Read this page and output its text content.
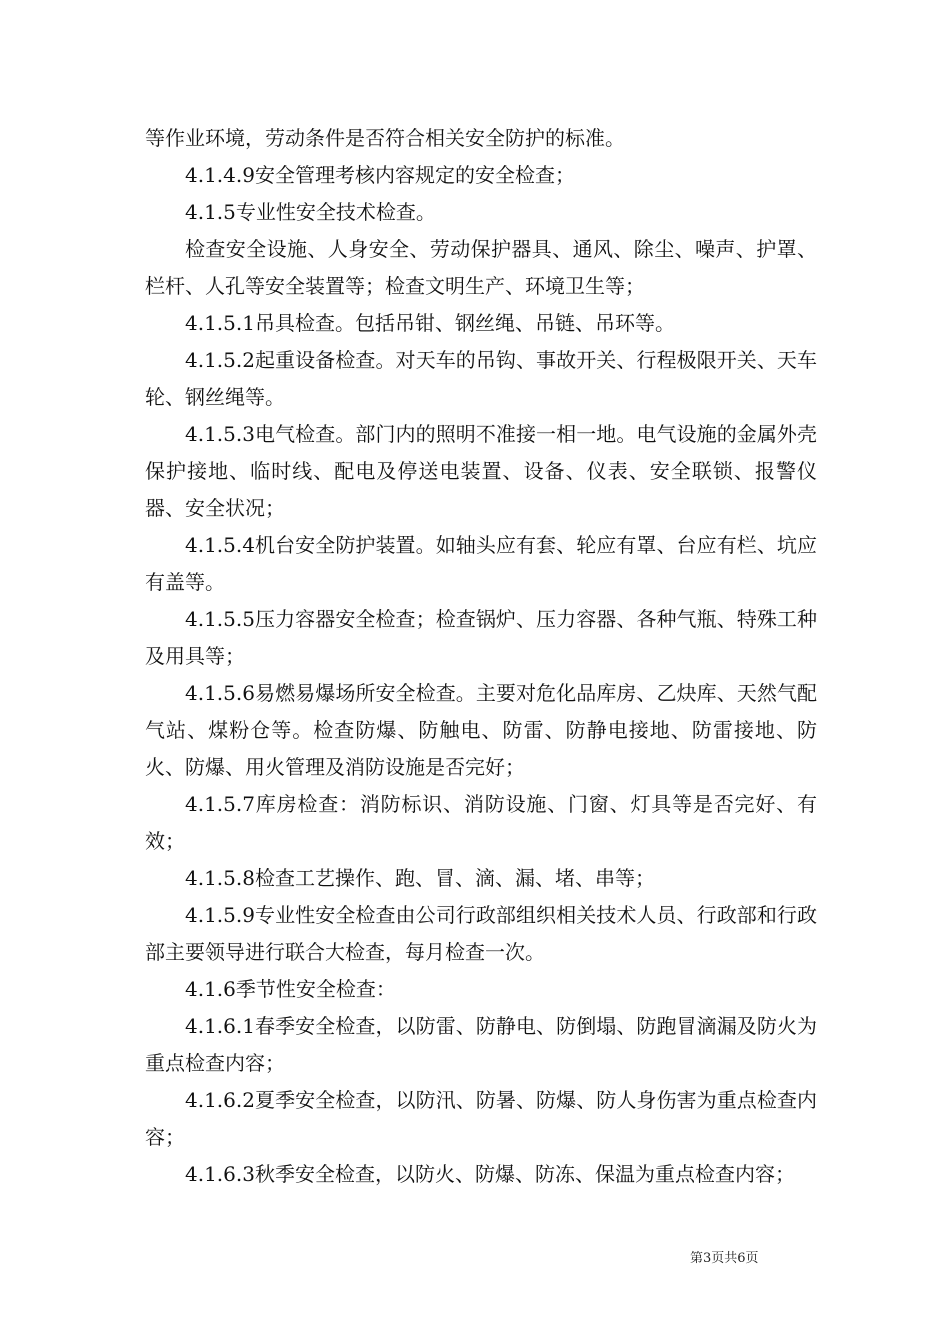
等作业环境，劳动条件是否符合相关安全防护的标准。

4.1.4.9安全管理考核内容规定的安全检查；

4.1.5专业性安全技术检查。

检查安全设施、人身安全、劳动保护器具、通风、除尘、噪声、护罩、栏杆、人孔等安全装置等；检查文明生产、环境卫生等；

4.1.5.1吊具检查。包括吊钳、钢丝绳、吊链、吊环等。

4.1.5.2起重设备检查。对天车的吊钩、事故开关、行程极限开关、天车轮、钢丝绳等。

4.1.5.3电气检查。部门内的照明不准接一相一地。电气设施的金属外壳保护接地、临时线、配电及停送电装置、设备、仪表、安全联锁、报警仪器、安全状况；

4.1.5.4机台安全防护装置。如轴头应有套、轮应有罩、台应有栏、坑应有盖等。

4.1.5.5压力容器安全检查；检查锅炉、压力容器、各种气瓶、特殊工种及用具等；

4.1.5.6易燃易爆场所安全检查。主要对危化品库房、乙炔库、天然气配气站、煤粉仓等。检查防爆、防触电、防雷、防静电接地、防雷接地、防火、防爆、用火管理及消防设施是否完好；

4.1.5.7库房检查：消防标识、消防设施、门窗、灯具等是否完好、有效；

4.1.5.8检查工艺操作、跑、冒、滴、漏、堵、串等；

4.1.5.9专业性安全检查由公司行政部组织相关技术人员、行政部和行政部主要领导进行联合大检查，每月检查一次。

4.1.6季节性安全检查：

4.1.6.1春季安全检查，以防雷、防静电、防倒塌、防跑冒滴漏及防火为重点检查内容；

4.1.6.2夏季安全检查，以防汛、防暑、防爆、防人身伤害为重点检查内容；

4.1.6.3秋季安全检查，以防火、防爆、防冻、保温为重点检查内容；

第3页共6页
